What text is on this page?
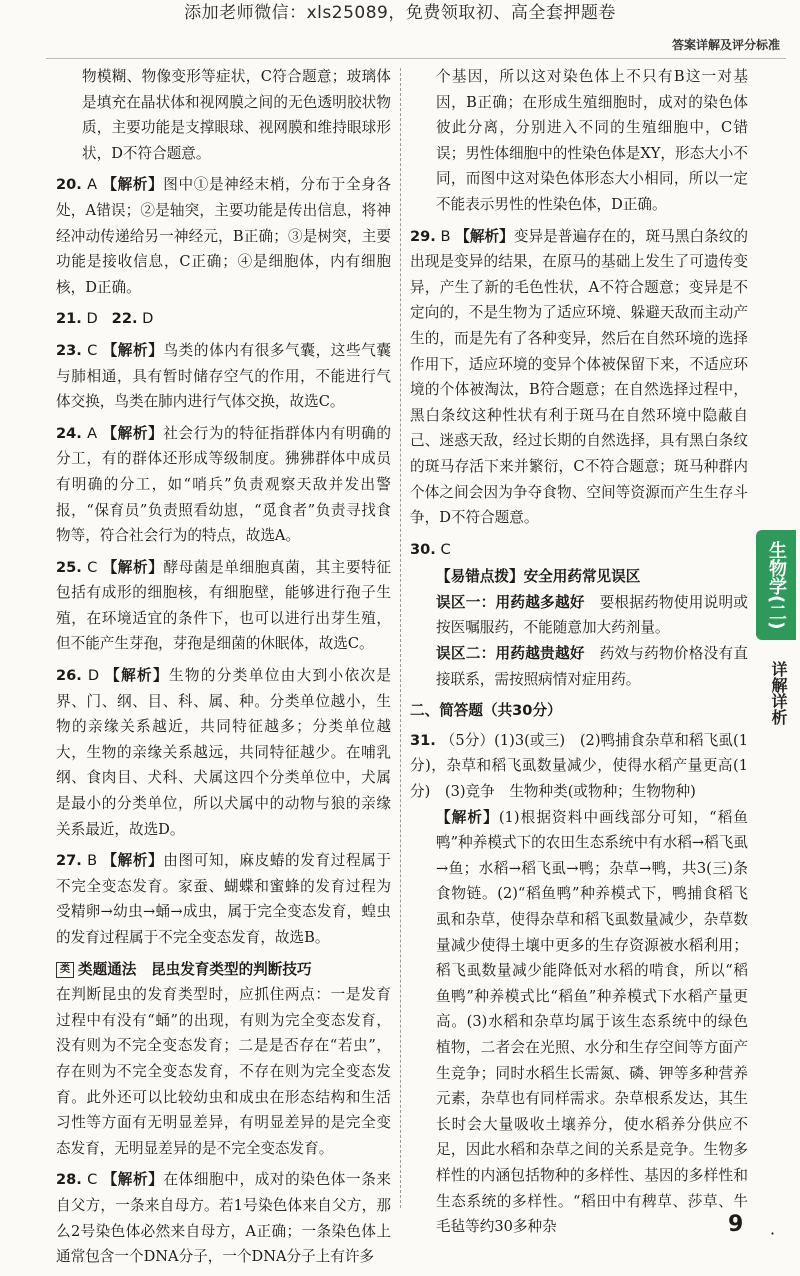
添加老师微信：xls25089，免费领取初、高全套押题卷
答案详解及评分标准

物模糊、物像变形等症状，C符合题意；玻璃体是填充在晶状体和视网膜之间的无色透明胶状物质，主要功能是支撑眼球、视网膜和维持眼球形状，D不符合题意。

20. A 【解析】图中①是神经末梢，分布于全身各处，A错误；②是轴突，主要功能是传出信息，将神经冲动传递给另一神经元，B正确；③是树突，主要功能是接收信息，C正确；④是细胞体，内有细胞核，D正确。

21. D 22. D

23. C 【解析】鸟类的体内有很多气囊，这些气囊与肺相通，具有暂时储存空气的作用，不能进行气体交换，鸟类在肺内进行气体交换，故选C。

24. A 【解析】社会行为的特征指群体内有明确的分工，有的群体还形成等级制度。狒狒群体中成员有明确的分工，如“哨兵”负责观察天敌并发出警报，“保育员”负责照看幼崽，“觅食者”负责寻找食物等，符合社会行为的特点，故选A。

25. C 【解析】酵母菌是单细胞真菌，其主要特征包括有成形的细胞核，有细胞壁，能够进行孢子生殖，在环境适宜的条件下，也可以进行出芽生殖，但不能产生芽孢，芽孢是细菌的休眠体，故选C。

26. D 【解析】生物的分类单位由大到小依次是界、门、纲、目、科、属、种。分类单位越小，生物的亲缘关系越近，共同特征越多；分类单位越大，生物的亲缘关系越远，共同特征越少。在哺乳纲、食肉目、犬科、犬属这四个分类单位中，犬属是最小的分类单位，所以犬属中的动物与狼的亲缘关系最近，故选D。

27. B 【解析】由图可知，麻皮蝽的发育过程属于不完全变态发育。家蚕、蝴蝶和蜜蜂的发育过程为受精卵→幼虫→蛹→成虫，属于完全变态发育，蝗虫的发育过程属于不完全变态发育，故选B。

类 类题通法　 昆虫发育类型的判断技巧

在判断昆虫的发育类型时，应抓住两点：一是发育过程中有没有“蛹”的出现，有则为完全变态发育，没有则为不完全变态发育；二是是否存在“若虫”，存在则为不完全变态发育，不存在则为完全变态发育。此外还可以比较幼虫和成虫在形态结构和生活习性等方面有无明显差异，有明显差异的是完全变态发育，无明显差异的是不完全变态发育。

28. C 【解析】在体细胞中，成对的染色体一条来自父方，一条来自母方。若1号染色体来自父方，那么2号染色体必然来自母方，A正确；一条染色体上通常包含一个DNA分子，一个DNA分子上有许多

个基因，所以这对染色体上不只有B这一对基因，B正确；在形成生殖细胞时，成对的染色体彼此分离，分别进入不同的生殖细胞中，C错误；男性体细胞中的性染色体是XY，形态大小不同，而图中这对染色体形态大小相同，所以一定不能表示男性的性染色体，D正确。

29. B 【解析】变异是普遍存在的，斑马黑白条纹的出现是变异的结果，在原马的基础上发生了可遗传变异，产生了新的毛色性状，A不符合题意；变异是不定向的，不是生物为了适应环境、躲避天敌而主动产生的，而是先有了各种变异，然后在自然环境的选择作用下，适应环境的变异个体被保留下来，不适应环境的个体被淘汰，B符合题意；在自然选择过程中，黑白条纹这种性状有利于斑马在自然环境中隐蔽自己、迷惑天敌，经过长期的自然选择，具有黑白条纹的斑马存活下来并繁衍，C不符合题意；斑马种群内个体之间会因为争夺食物、空间等资源而产生生存斗争，D不符合题意。

30. C

【易错点拨】安全用药常见误区

误区一：用药越多越好　 要根据药物使用说明或按医嘱服药，不能随意加大药剂量。

误区二：用药越贵越好　 药效与药物价格没有直接联系，需按照病情对症用药。

二、简答题（共30分）

31. （5分）(1)3(或三)　(2)鸭捕食杂草和稻飞虱(1分)，杂草和稻飞虱数量减少，使得水稻产量更高(1分)　(3)竞争　生物种类(或物种；生物物种)

【解析】(1)根据资料中画线部分可知，“稻鱼鸭”种养模式下的农田生态系统中有水稻→稻飞虱→鱼；水稻→稻飞虱→鸭；杂草→鸭，共3(三)条食物链。(2)“稻鱼鸭”种养模式下，鸭捕食稻飞虱和杂草，使得杂草和稻飞虱数量减少，杂草数量减少使得土壤中更多的生存资源被水稻利用；稻飞虱数量减少能降低对水稻的啃食，所以“稻鱼鸭”种养模式比“稻鱼”种养模式下水稻产量更高。(3)水稻和杂草均属于该生态系统中的绿色植物，二者会在光照、水分和生存空间等方面产生竞争；同时水稻生长需氮、磷、钾等多种营养元素，杂草也有同样需求。杂草根系发达，其生长时会大量吸收土壤养分，使水稻养分供应不足，因此水稻和杂草之间的关系是竞争。生物多样性的内涵包括物种的多样性、基因的多样性和生态系统的多样性。“稻田中有稗草、莎草、牛毛毡等约30多种杂

生物学(二)
详解详析
9 ·
